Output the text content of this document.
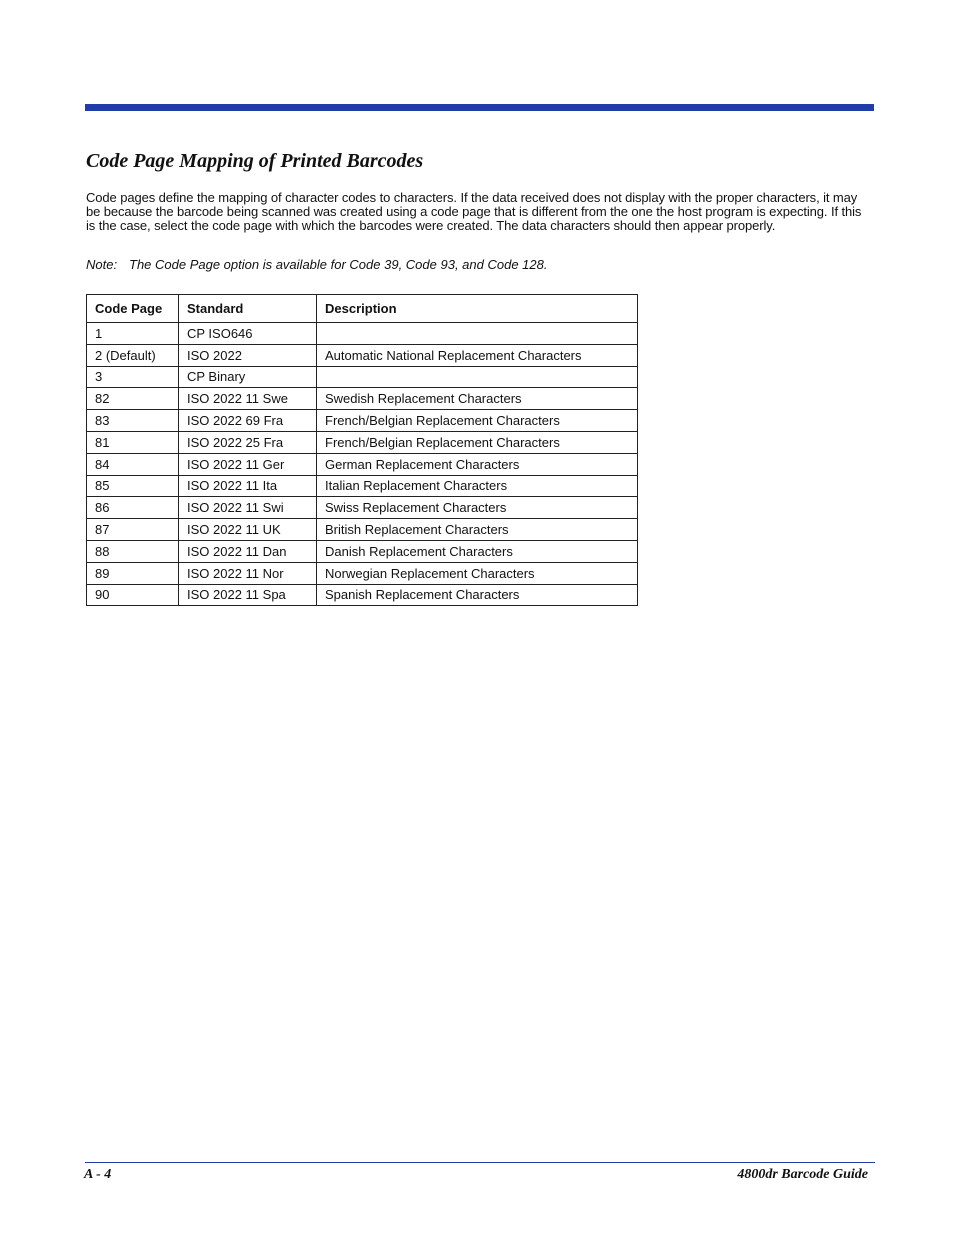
Code Page Mapping of Printed Barcodes

Code pages define the mapping of character codes to characters. If the data received does not display with the proper characters, it may be because the barcode being scanned was created using a code page that is different from the one the host program is expecting. If this is the case, select the code page with which the barcodes were created. The data characters should then appear properly.

Note: The Code Page option is available for Code 39, Code 93, and Code 128.

Code Page	Standard	Description
1	CP ISO646	
2 (Default)	ISO 2022	Automatic National Replacement Characters
3	CP Binary	
82	ISO 2022 11 Swe	Swedish Replacement Characters
83	ISO 2022 69 Fra	French/Belgian Replacement Characters
81	ISO 2022 25 Fra	French/Belgian Replacement Characters
84	ISO 2022 11 Ger	German Replacement Characters
85	ISO 2022 11 Ita	Italian Replacement Characters
86	ISO 2022 11 Swi	Swiss Replacement Characters
87	ISO 2022 11 UK	British Replacement Characters
88	ISO 2022 11 Dan	Danish Replacement Characters
89	ISO 2022 11 Nor	Norwegian Replacement Characters
90	ISO 2022 11 Spa	Spanish Replacement Characters

A - 4	4800dr Barcode Guide
